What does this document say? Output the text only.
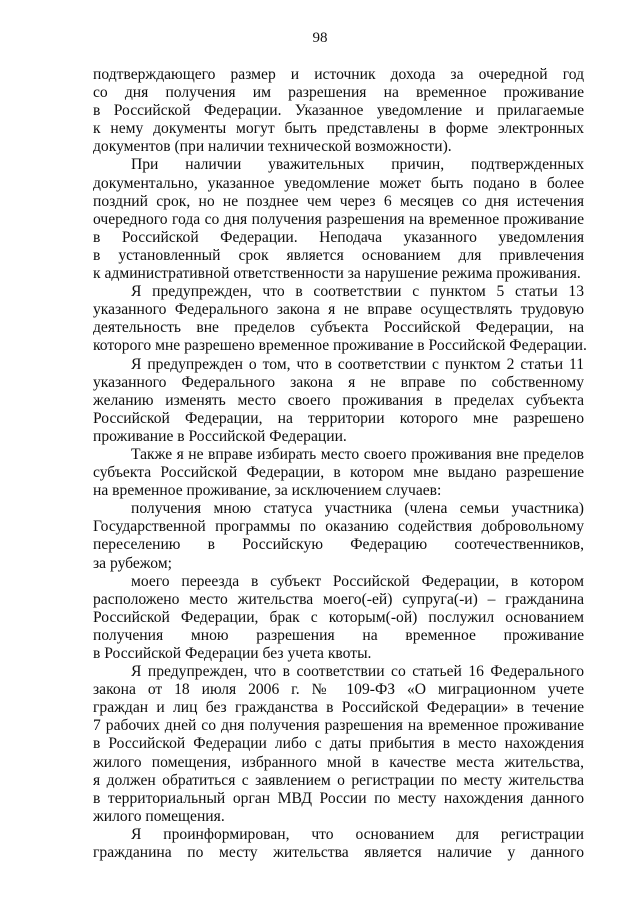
98
подтверждающего размер и источник дохода за очередной год
со дня получения им разрешения на временное проживание
в Российской Федерации. Указанное уведомление и прилагаемые
к нему документы могут быть представлены в форме электронных
документов (при наличии технической возможности).
При наличии уважительных причин, подтвержденных
документально, указанное уведомление может быть подано в более
поздний срок, но не позднее чем через 6 месяцев со дня истечения
очередного года со дня получения разрешения на временное проживание
в Российской Федерации. Неподача указанного уведомления
в установленный срок является основанием для привлечения
к административной ответственности за нарушение режима проживания.
Я предупрежден, что в соответствии с пунктом 5 статьи 13
указанного Федерального закона я не вправе осуществлять трудовую
деятельность вне пределов субъекта Российской Федерации, на
которого мне разрешено временное проживание в Российской Федерации.
Я предупрежден о том, что в соответствии с пунктом 2 статьи 11
указанного Федерального закона я не вправе по собственному
желанию изменять место своего проживания в пределах субъекта
Российской Федерации, на территории которого мне разрешено
проживание в Российской Федерации.
Также я не вправе избирать место своего проживания вне пределов
субъекта Российской Федерации, в котором мне выдано разрешение
на временное проживание, за исключением случаев:
получения мною статуса участника (члена семьи участника)
Государственной программы по оказанию содействия добровольному
переселению в Российскую Федерацию соотечественников,
за рубежом;
моего переезда в субъект Российской Федерации, в котором
расположено место жительства моего(-ей) супруга(-и) – гражданина
Российской Федерации, брак с которым(-ой) послужил основанием
получения мною разрешения на временное проживание
в Российской Федерации без учета квоты.
Я предупрежден, что в соответствии со статьей 16 Федерального
закона от 18 июля 2006 г. № 109-ФЗ «О миграционном учете
граждан и лиц без гражданства в Российской Федерации» в течение
7 рабочих дней со дня получения разрешения на временное проживание
в Российской Федерации либо с даты прибытия в место нахождения
жилого помещения, избранного мной в качестве места жительства,
я должен обратиться с заявлением о регистрации по месту жительства
в территориальный орган МВД России по месту нахождения данного
жилого помещения.
Я проинформирован, что основанием для регистрации
гражданина по месту жительства является наличие у данного
